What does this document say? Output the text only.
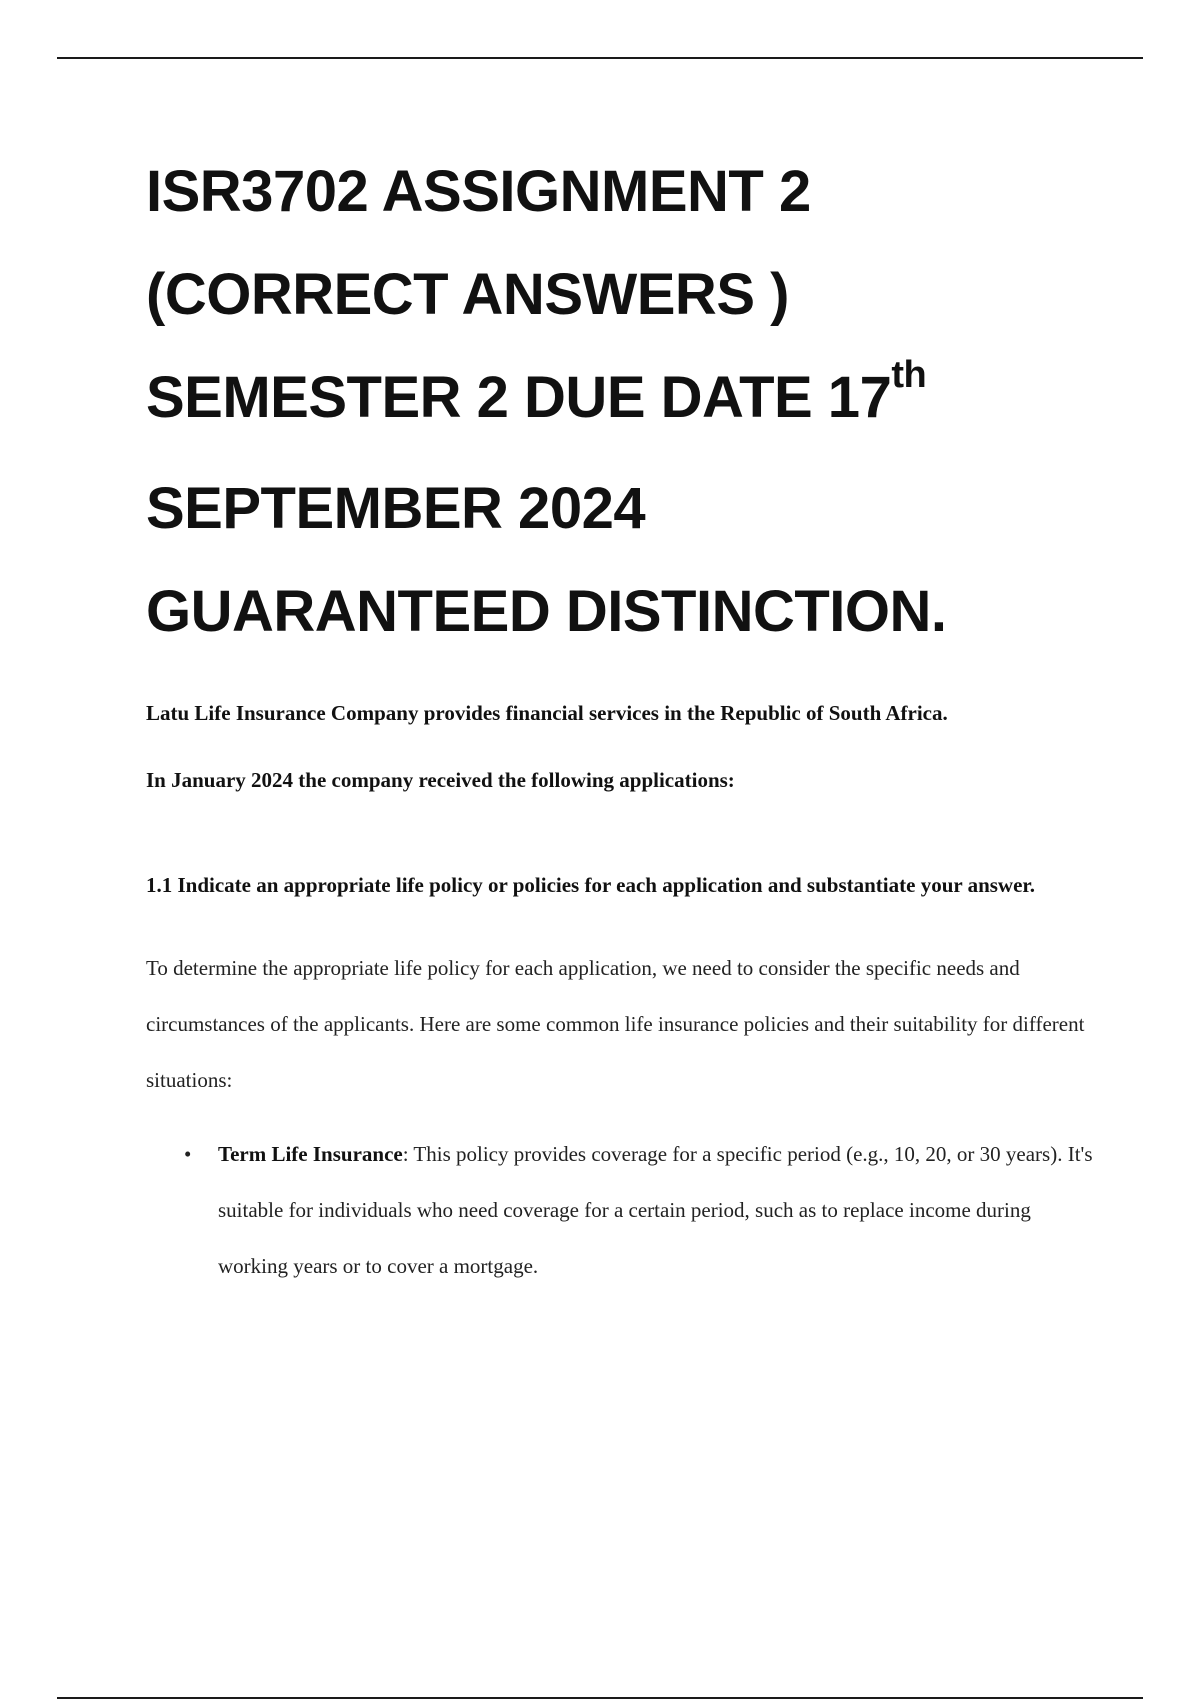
ISR3702 ASSIGNMENT 2
(CORRECT ANSWERS )
SEMESTER 2 DUE DATE 17th
SEPTEMBER 2024
GUARANTEED DISTINCTION.

Latu Life Insurance Company provides financial services in the Republic of South Africa.

In January 2024 the company received the following applications:

1.1 Indicate an appropriate life policy or policies for each application and substantiate your answer.

To determine the appropriate life policy for each application, we need to consider the specific needs and circumstances of the applicants. Here are some common life insurance policies and their suitability for different situations:

• Term Life Insurance: This policy provides coverage for a specific period (e.g., 10, 20, or 30 years). It's suitable for individuals who need coverage for a certain period, such as to replace income during working years or to cover a mortgage.
